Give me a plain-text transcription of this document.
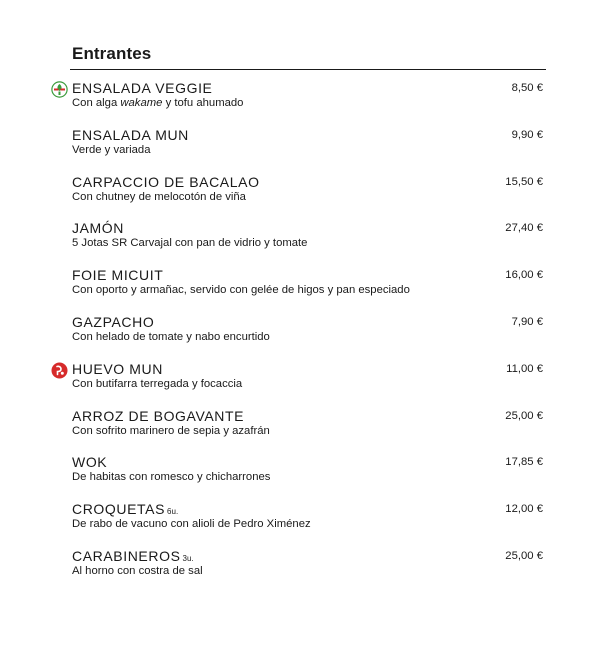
Entrantes
ENSALADA VEGGIE
Con alga wakame y tofu ahumado
8,50 €
ENSALADA MUN
Verde y variada
9,90 €
CARPACCIO DE BACALAO
Con chutney de melocotón de viña
15,50 €
JAMÓN
5 Jotas SR Carvajal con pan de vidrio y tomate
27,40 €
FOIE MICUIT
Con oporto y armañac, servido con gelée de higos y pan especiado
16,00 €
GAZPACHO
Con helado de tomate y nabo encurtido
7,90 €
HUEVO MUN
Con butifarra terregada y focaccia
11,00 €
ARROZ DE BOGAVANTE
Con sofrito marinero de sepia y azafrán
25,00 €
WOK
De habitas con romesco y chicharrones
17,85 €
CROQUETAS 6u.
De rabo de vacuno con alioli de Pedro Ximénez
12,00 €
CARABINEROS 3u.
Al horno con costra de sal
25,00 €
